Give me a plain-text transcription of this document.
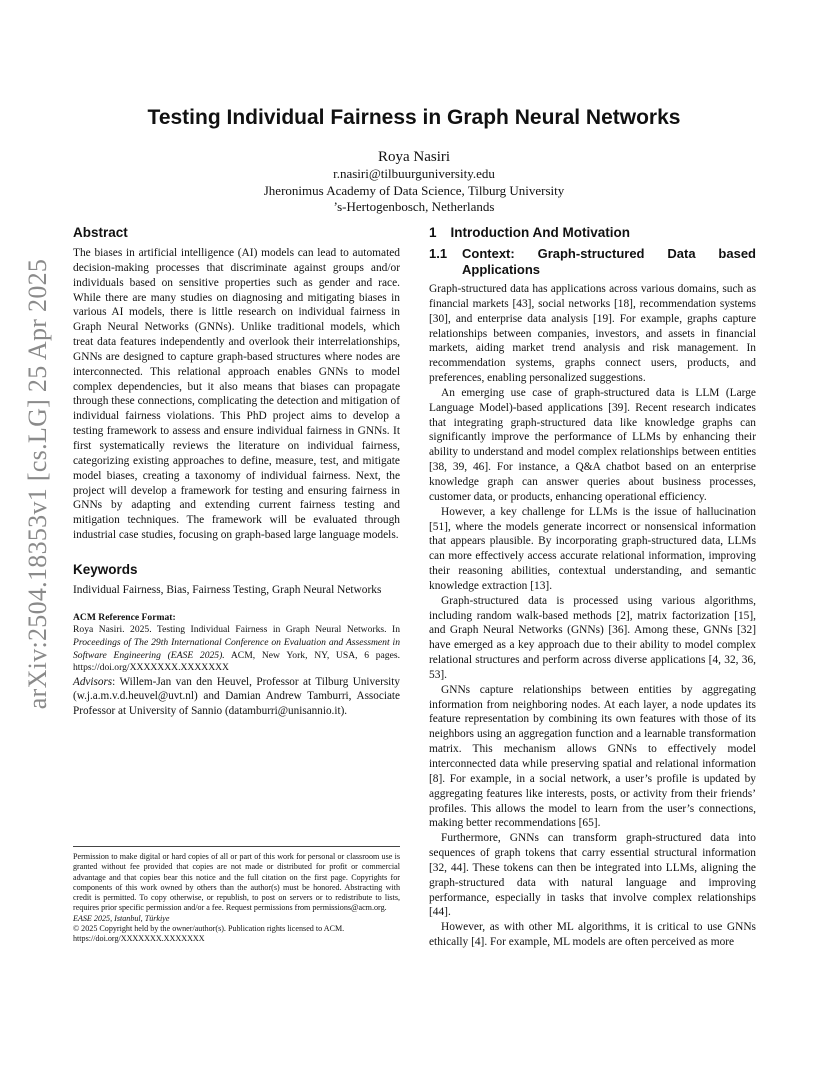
arXiv:2504.18353v1 [cs.LG] 25 Apr 2025
Testing Individual Fairness in Graph Neural Networks
Roya Nasiri
r.nasiri@tilbuurguniversity.edu
Jheronimus Academy of Data Science, Tilburg University
’s-Hertogenbosch, Netherlands
Abstract

The biases in artificial intelligence (AI) models can lead to automated decision-making processes that discriminate against groups and/or individuals based on sensitive properties such as gender and race. While there are many studies on diagnosing and mitigating biases in various AI models, there is little research on individual fairness in Graph Neural Networks (GNNs). Unlike traditional models, which treat data features independently and overlook their interrelationships, GNNs are designed to capture graph-based structures where nodes are interconnected. This relational approach enables GNNs to model complex dependencies, but it also means that biases can propagate through these connections, complicating the detection and mitigation of individual fairness violations. This PhD project aims to develop a testing framework to assess and ensure individual fairness in GNNs. It first systematically reviews the literature on individual fairness, categorizing existing approaches to define, measure, test, and mitigate model biases, creating a taxonomy of individual fairness. Next, the project will develop a framework for testing and ensuring fairness in GNNs by adapting and extending current fairness testing and mitigation techniques. The framework will be evaluated through industrial case studies, focusing on graph-based large language models.

Keywords

Individual Fairness, Bias, Fairness Testing, Graph Neural Networks

ACM Reference Format:
Roya Nasiri. 2025. Testing Individual Fairness in Graph Neural Networks. In Proceedings of The 29th International Conference on Evaluation and Assessment in Software Engineering (EASE 2025). ACM, New York, NY, USA, 6 pages. https://doi.org/XXXXXXX.XXXXXXX

Advisors: Willem-Jan van den Heuvel, Professor at Tilburg University (w.j.a.m.v.d.heuvel@uvt.nl) and Damian Andrew Tamburri, Associate Professor at University of Sannio (datamburri@unisannio.it).

Permission to make digital or hard copies of all or part of this work for personal or classroom use is granted without fee provided that copies are not made or distributed for profit or commercial advantage and that copies bear this notice and the full citation on the first page. Copyrights for components of this work owned by others than the author(s) must be honored. Abstracting with credit is permitted. To copy otherwise, or republish, to post on servers or to redistribute to lists, requires prior specific permission and/or a fee. Request permissions from permissions@acm.org.

EASE 2025, Istanbul, Türkiye

© 2025 Copyright held by the owner/author(s). Publication rights licensed to ACM.

https://doi.org/XXXXXXX.XXXXXXX

1 Introduction And Motivation
1.1	Context: Graph-structured Data based Applications

Graph-structured data has applications across various domains, such as financial markets [43], social networks [18], recommendation systems [30], and enterprise data analysis [19]. For example, graphs capture relationships between companies, investors, and assets in financial markets, aiding market trend analysis and risk management. In recommendation systems, graphs connect users, products, and preferences, enabling personalized suggestions.

An emerging use case of graph-structured data is LLM (Large Language Model)-based applications [39]. Recent research indicates that integrating graph-structured data like knowledge graphs can significantly improve the performance of LLMs by enhancing their ability to understand and model complex relationships between entities [38, 39, 46]. For instance, a Q&A chatbot based on an enterprise knowledge graph can answer queries about business processes, customer data, or products, enhancing operational efficiency.

However, a key challenge for LLMs is the issue of hallucination [51], where the models generate incorrect or nonsensical information that appears plausible. By incorporating graph-structured data, LLMs can more effectively access accurate relational information, improving their reasoning abilities, contextual understanding, and semantic knowledge extraction [13].

Graph-structured data is processed using various algorithms, including random walk-based methods [2], matrix factorization [15], and Graph Neural Networks (GNNs) [36]. Among these, GNNs [32] have emerged as a key approach due to their ability to model complex relational structures and perform across diverse applications [4, 32, 36, 53].

GNNs capture relationships between entities by aggregating information from neighboring nodes. At each layer, a node updates its feature representation by combining its own features with those of its neighbors using an aggregation function and a learnable transformation matrix. This mechanism allows GNNs to effectively model interconnected data while preserving spatial and relational information [8]. For example, in a social network, a user’s profile is updated by aggregating features like interests, posts, or activity from their friends’ profiles. This allows the model to learn from the user’s connections, making better recommendations [65].

Furthermore, GNNs can transform graph-structured data into sequences of graph tokens that carry essential structural information [32, 44]. These tokens can then be integrated into LLMs, aligning the graph-structured data with natural language and improving performance, especially in tasks that involve complex relationships [44].

However, as with other ML algorithms, it is critical to use GNNs ethically [4]. For example, ML models are often perceived as more
